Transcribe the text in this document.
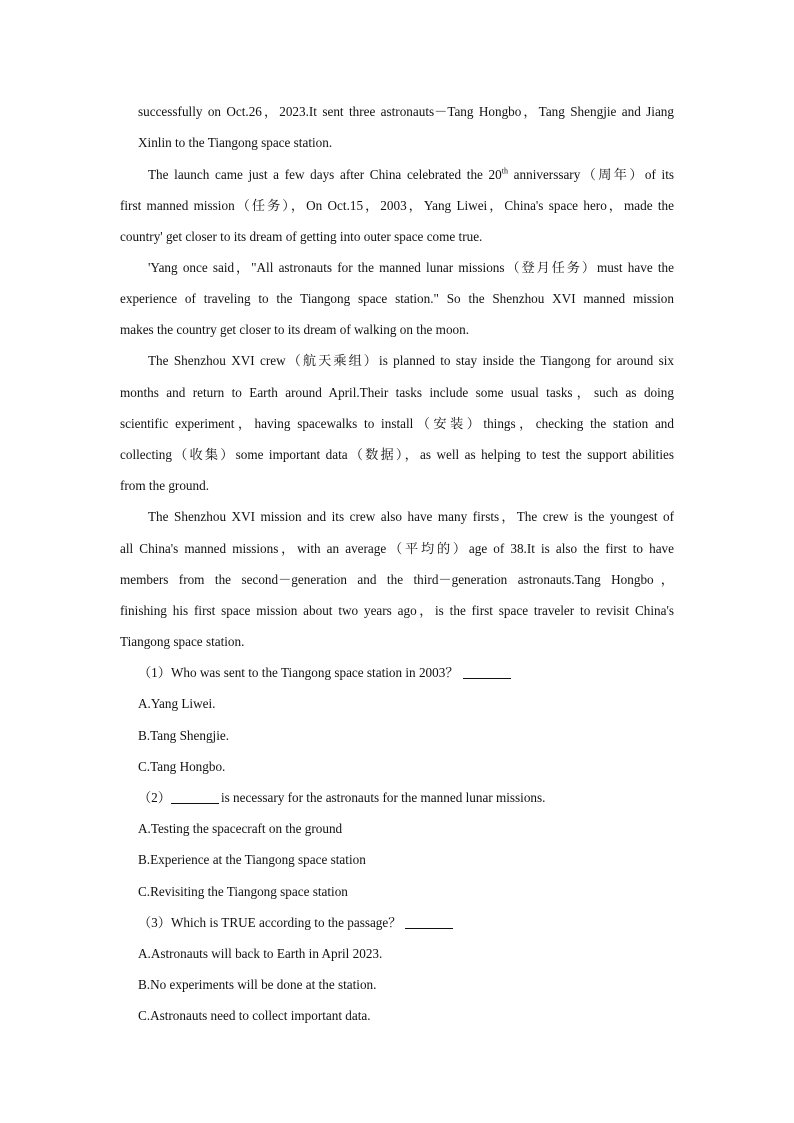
successfully on Oct.26，2023.It sent three astronauts－Tang Hongbo，Tang Shengjie and Jiang
Xinlin to the Tiangong space station.
The launch came just a few days after China celebrated the 20th anniverssary（周年）of its
first manned mission（任务），On Oct.15，2003，Yang Liwei，China's space hero，made the
country' get closer to its dream of getting into outer space come true.
'Yang once said，"All astronauts for the manned lunar missions（登月任务）must have the
experience of traveling to the Tiangong space station." So the Shenzhou XVI manned mission
makes the country get closer to its dream of walking on the moon.
The Shenzhou XVI crew（航天乘组）is planned to stay inside the Tiangong for around six
months and return to Earth around April.Their tasks include some usual tasks，such as doing
scientific experiment，having spacewalks to install（安装）things，checking the station and
collecting（收集）some important data（数据），as well as helping to test the support abilities
from the ground.
The Shenzhou XVI mission and its crew also have many firsts，The crew is the youngest of
all China's manned missions，with an average（平均的）age of 38.It is also the first to have
members from the second－generation and the third－generation astronauts.Tang Hongbo，
finishing his first space mission about two years ago，is the first space traveler to revisit China's
Tiangong space station.
（1）Who was sent to the Tiangong space station in 2003？
A.Yang Liwei.
B.Tang Shengjie.
C.Tang Hongbo.
（2）	is necessary for the astronauts for the manned lunar missions.
A.Testing the spacecraft on the ground
B.Experience at the Tiangong space station
C.Revisiting the Tiangong space station
（3）Which is TRUE according to the passage？
A.Astronauts will back to Earth in April 2023.
B.No experiments will be done at the station.
C.Astronauts need to collect important data.
